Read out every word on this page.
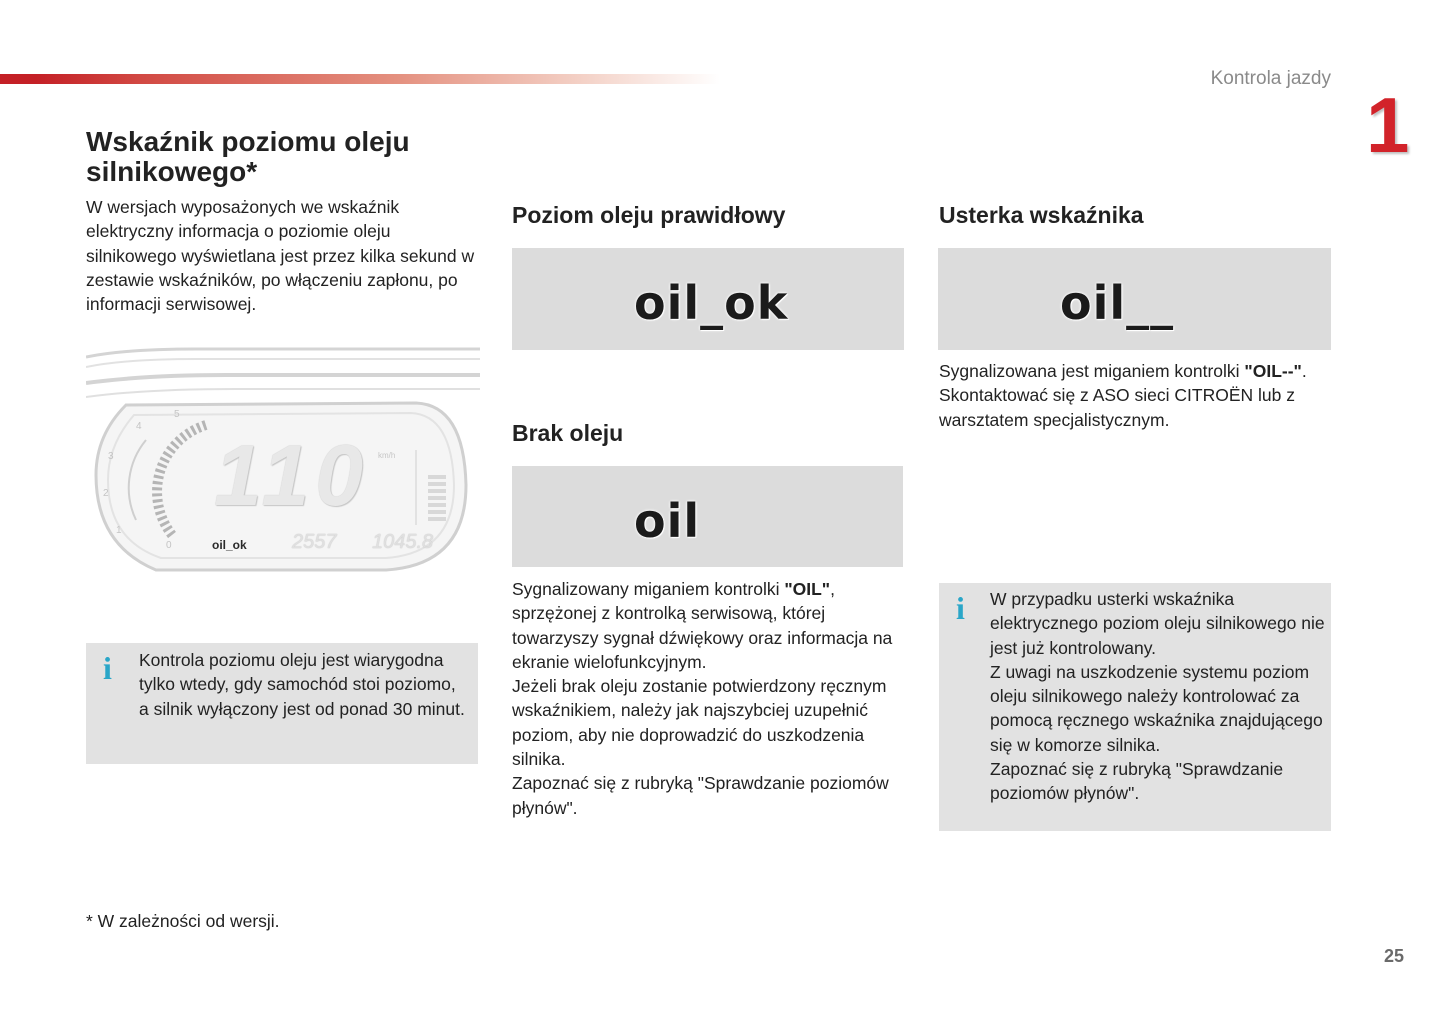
Kontrola jazdy
1
Wskaźnik poziomu oleju silnikowego*

W wersjach wyposażonych we wskaźnik elektryczny informacja o poziomie oleju silnikowego wyświetlana jest przez kilka sekund w zestawie wskaźników, po włączeniu zapłonu, po informacji serwisowej.

5
4
3
2
1
0
110 km/h
oil_ok 2557 1045.8
i Kontrola poziomu oleju jest wiarygodna tylko wtedy, gdy samochód stoi poziomo, a silnik wyłączony jest od ponad 30 minut.
Poziom oleju prawidłowy
oil_ok
Brak oleju
oil
Sygnalizowany miganiem kontrolki "OIL", sprzężonej z kontrolką serwisową, której towarzyszy sygnał dźwiękowy oraz informacja na ekranie wielofunkcyjnym.
Jeżeli brak oleju zostanie potwierdzony ręcznym wskaźnikiem, należy jak najszybciej uzupełnić poziom, aby nie doprowadzić do uszkodzenia silnika.
Zapoznać się z rubryką "Sprawdzanie poziomów płynów".
Usterka wskaźnika
oil__
Sygnalizowana jest miganiem kontrolki "OIL--".
Skontaktować się z ASO sieci CITROËN lub z warsztatem specjalistycznym.
i W przypadku usterki wskaźnika elektrycznego poziom oleju silnikowego nie jest już kontrolowany.
Z uwagi na uszkodzenie systemu poziom oleju silnikowego należy kontrolować za pomocą ręcznego wskaźnika znajdującego się w komorze silnika.
Zapoznać się z rubryką "Sprawdzanie poziomów płynów".
* W zależności od wersji.
25
